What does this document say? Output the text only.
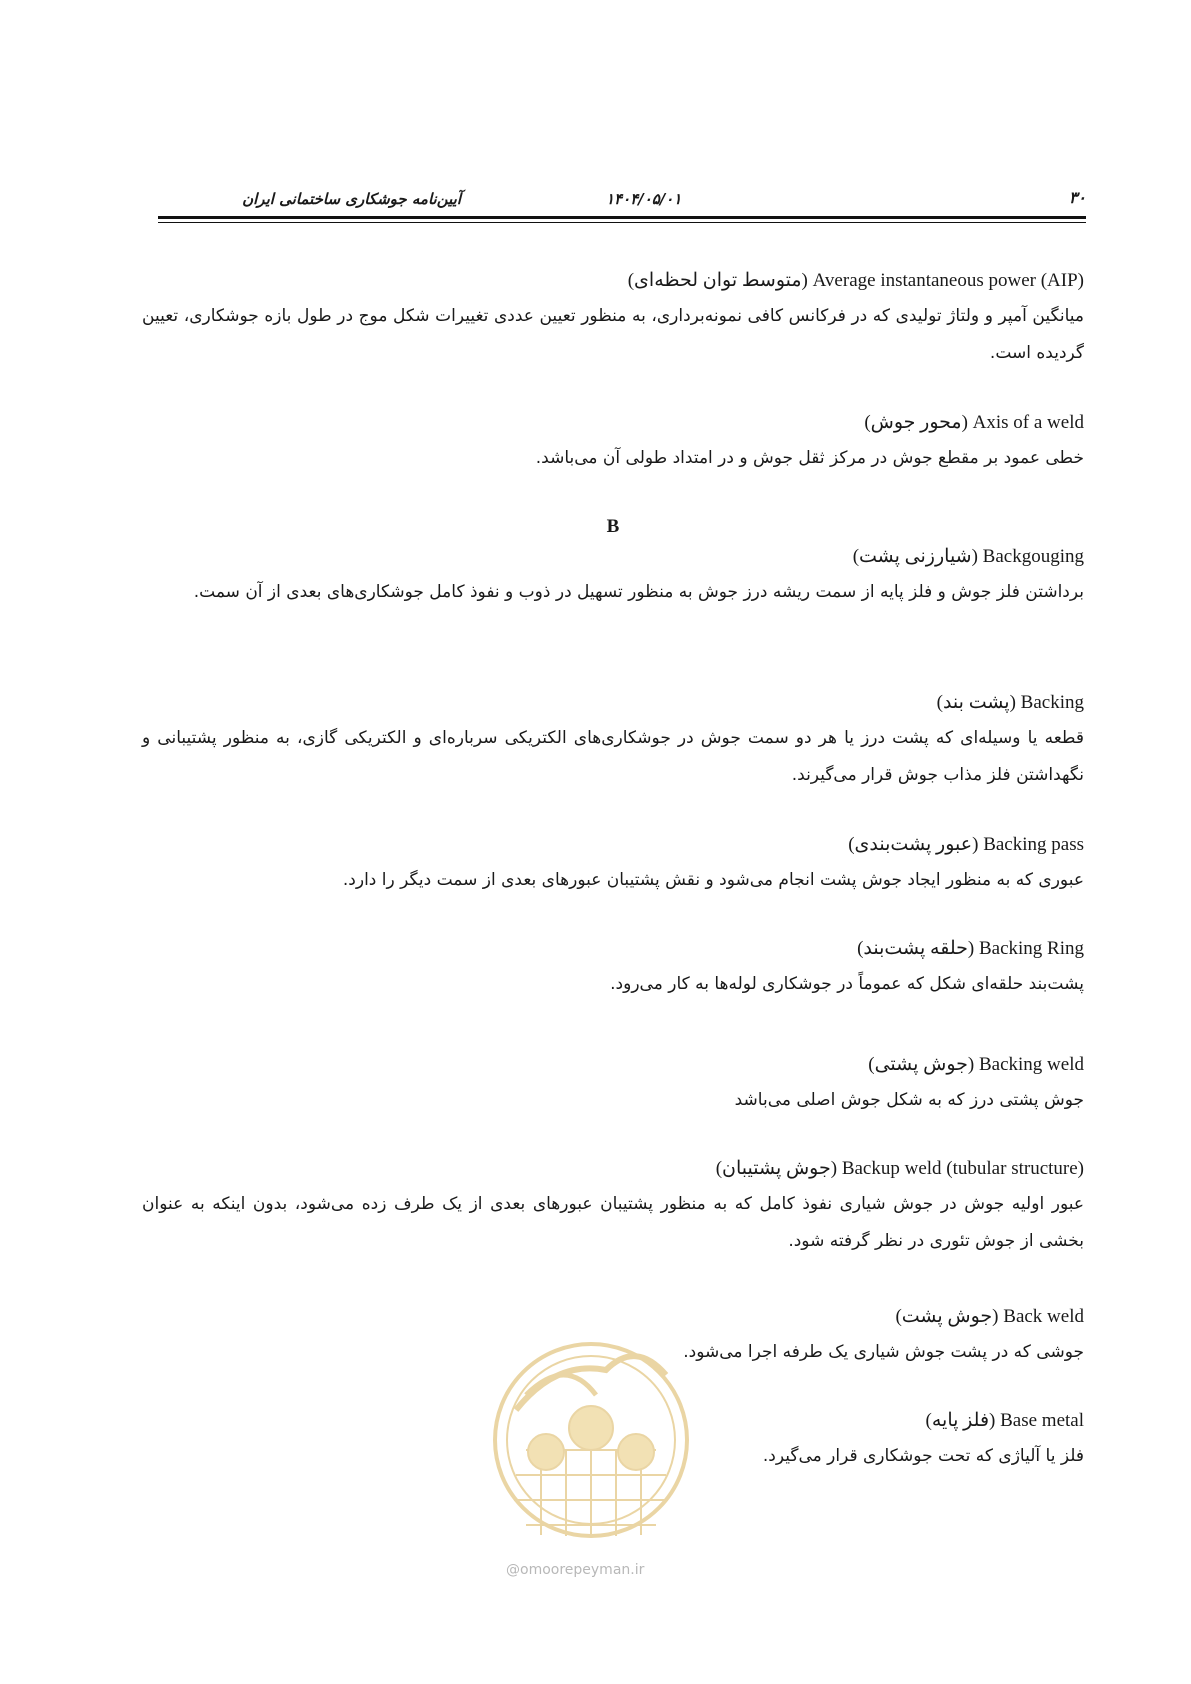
آیین‌نامه جوشکاری ساختمانی ایران	۱۴۰۴/۰۵/۰۱	۳۰
Average instantaneous power (AIP) (متوسط توان لحظه‌ای)
میانگین آمپر و ولتاژ تولیدی که در فرکانس کافی نمونه‌برداری، به منظور تعیین عددی تغییرات شکل موج در طول بازه جوشکاری، تعیین گردیده است.
Axis of a weld (محور جوش)
خطی عمود بر مقطع جوش در مرکز ثقل جوش و در امتداد طولی آن می‌باشد.
B
Backgouging (شیارزنی پشت)
برداشتن فلز جوش و فلز پایه از سمت ریشه درز جوش به منظور تسهیل در ذوب و نفوذ کامل جوشکاری‌های بعدی از آن سمت.
Backing (پشت بند)
قطعه یا وسیله‌ای که پشت درز یا هر دو سمت جوش در جوشکاری‌های الکتریکی سرباره‌ای و الکتریکی گازی، به منظور پشتیبانی و نگهداشتن فلز مذاب جوش قرار می‌گیرند.
Backing pass (عبور پشت‌بندی)
عبوری که به منظور ایجاد جوش پشت انجام می‌شود و نقش پشتیبان عبورهای بعدی از سمت دیگر را دارد.
Backing Ring (حلقه پشت‌بند)
پشت‌بند حلقه‌ای شکل که عموماً در جوشکاری لوله‌ها به کار می‌رود.
Backing weld (جوش پشتی)
جوش پشتی درز که به شکل جوش اصلی می‌باشد
Backup weld (tubular structure) (جوش پشتیبان)
عبور اولیه جوش در جوش شیاری نفوذ کامل که به منظور پشتیبان عبورهای بعدی از یک طرف زده می‌شود، بدون اینکه به عنوان بخشی از جوش تئوری در نظر گرفته شود.
Back weld (جوش پشت)
جوشی که در پشت جوش شیاری یک طرفه اجرا می‌شود.
Base metal (فلز پایه)
فلز یا آلیاژی که تحت جوشکاری قرار می‌گیرد.
@omoorepeyman.ir
